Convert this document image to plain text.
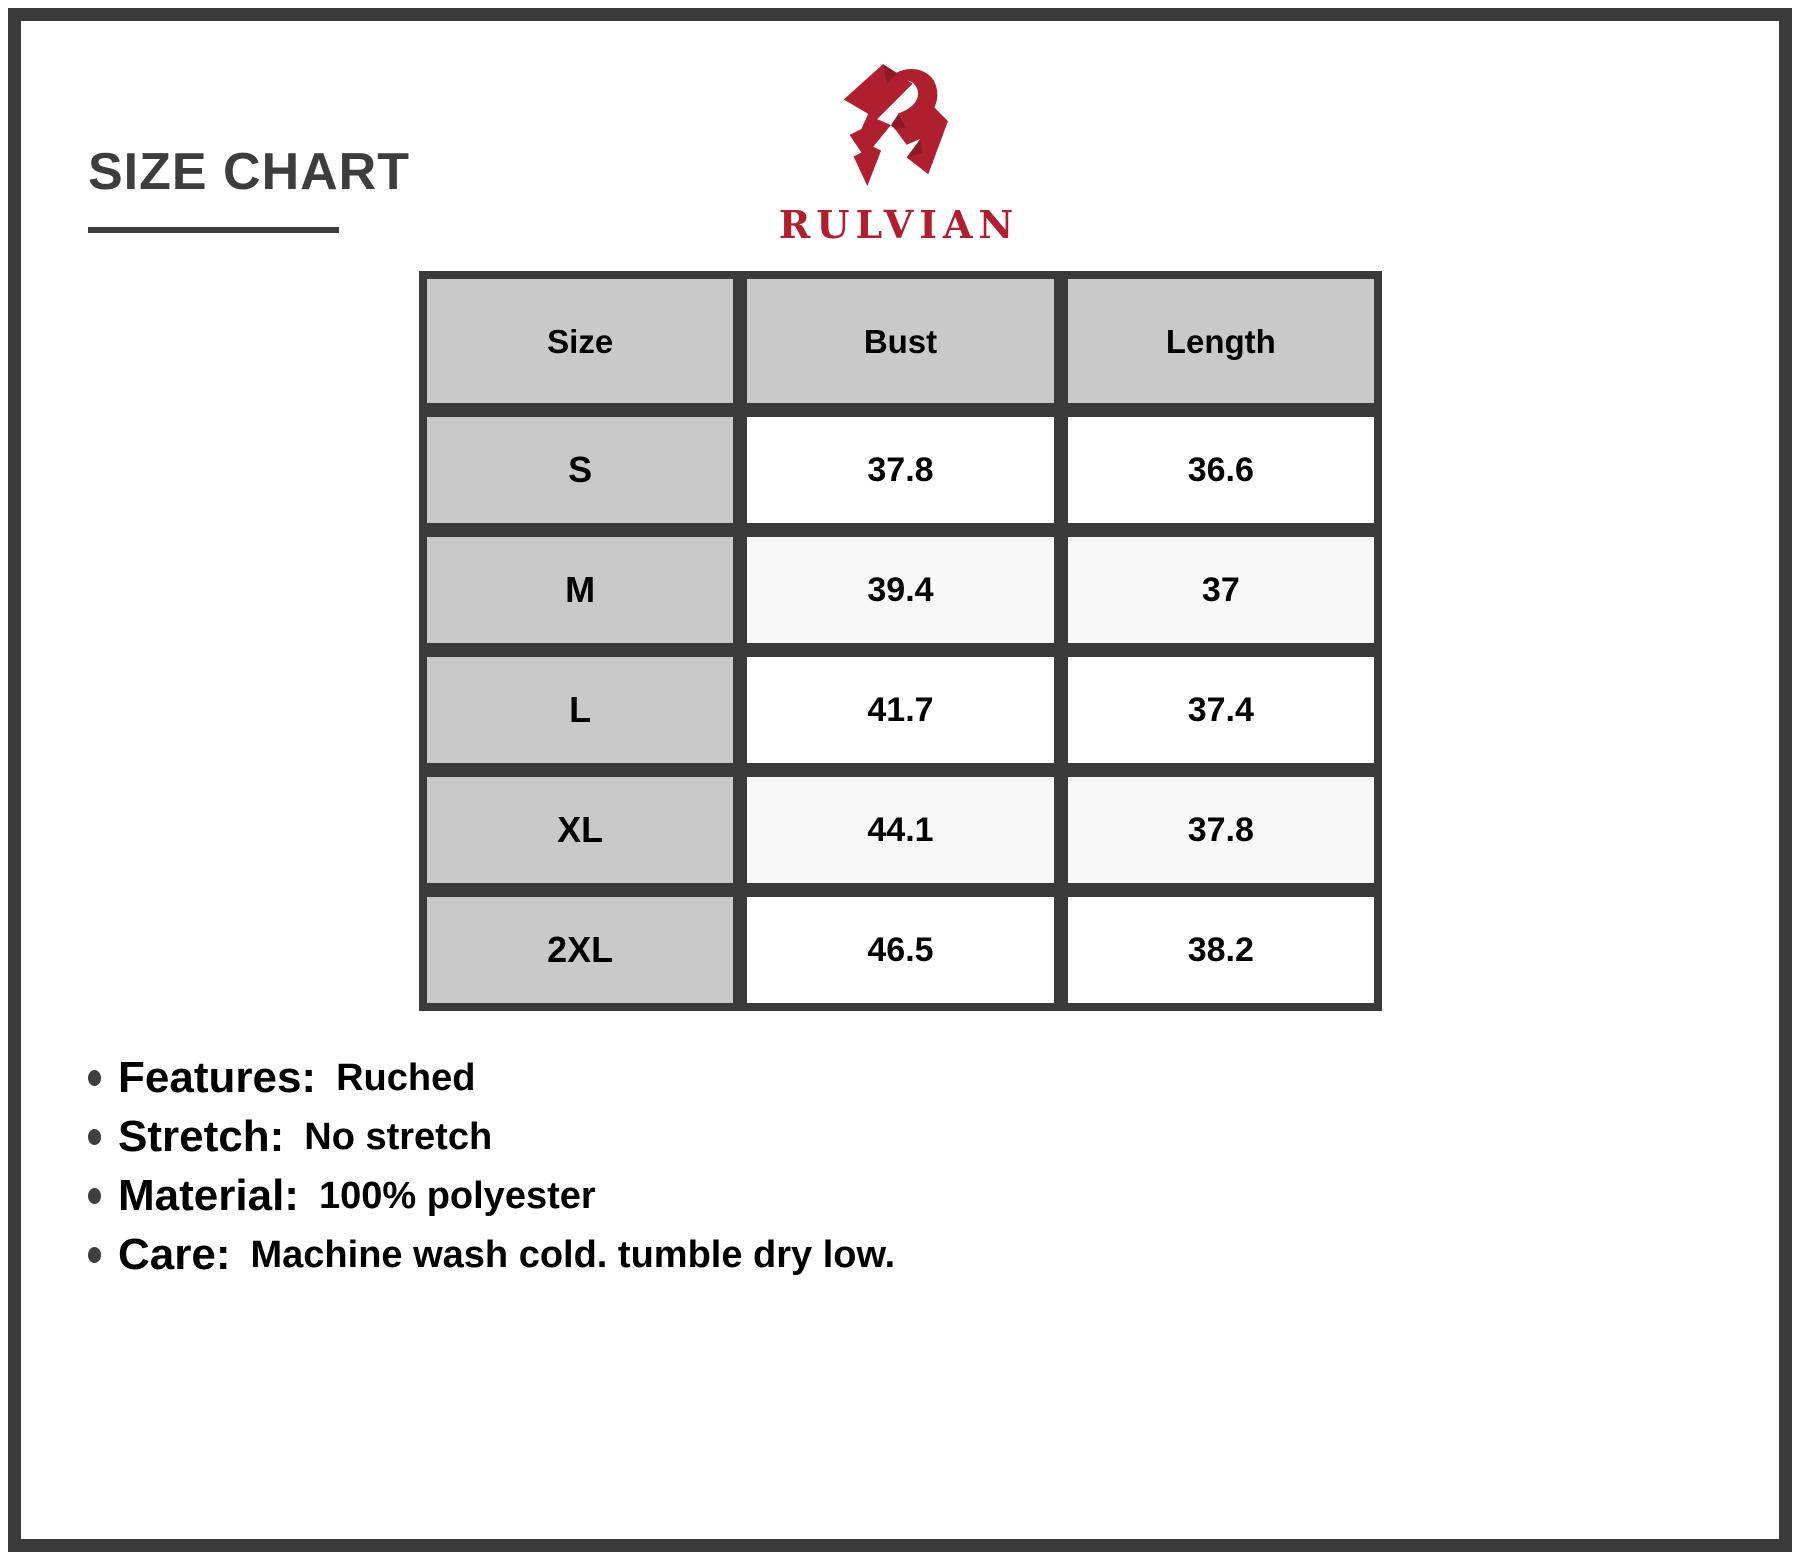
SIZE CHART
RULVIAN
Size	Bust	Length
S	37.8	36.6
M	39.4	37
L	41.7	37.4
XL	44.1	37.8
2XL	46.5	38.2
Features: Ruched
Stretch: No stretch
Material: 100% polyester
Care: Machine wash cold. tumble dry low.
